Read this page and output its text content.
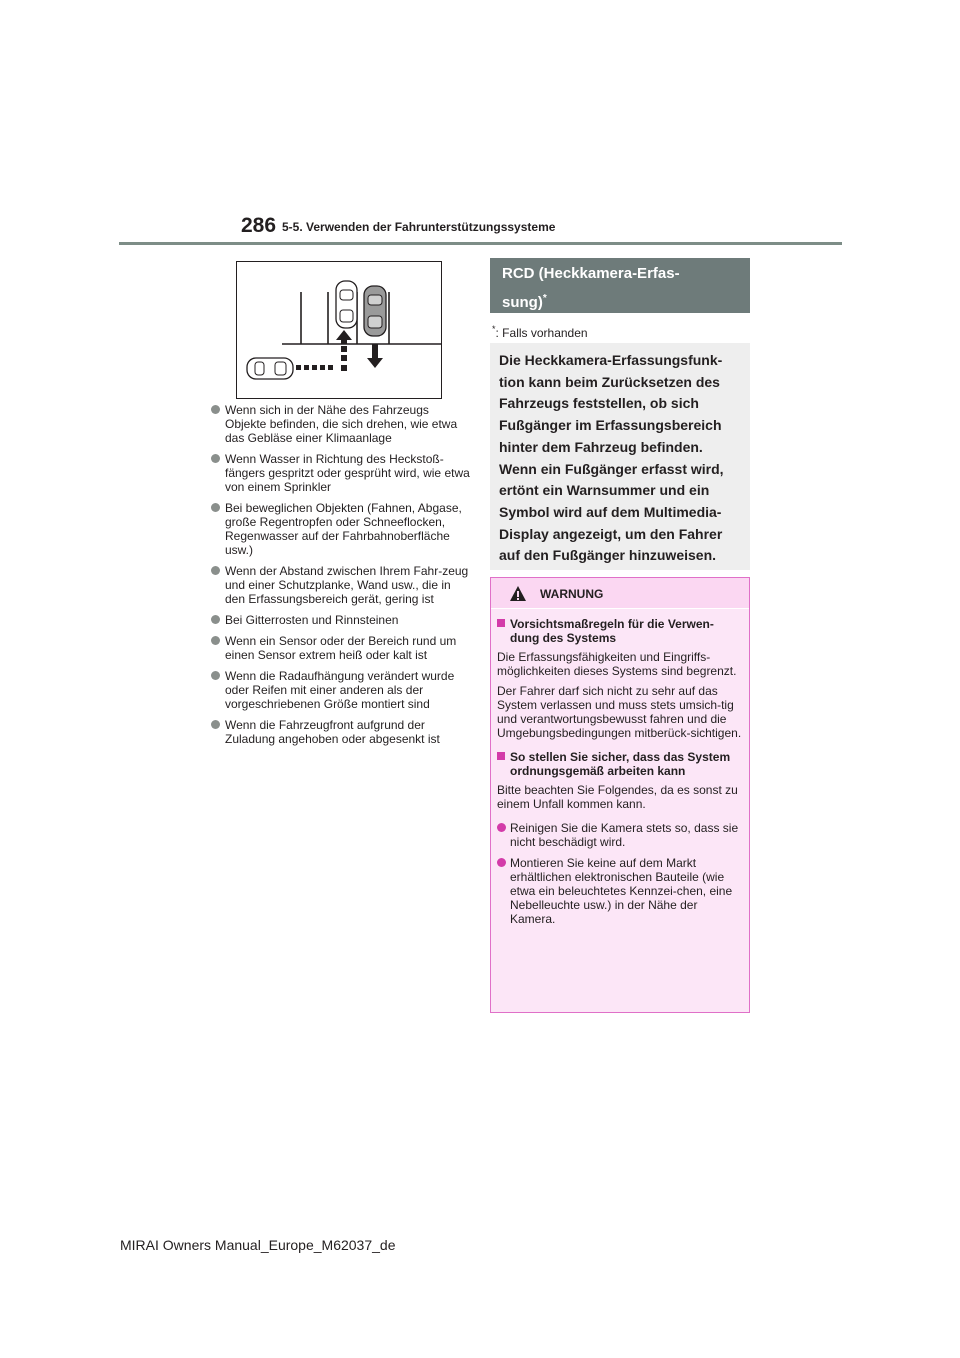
286 5-5. Verwenden der Fahrunterstützungssysteme
Wenn sich in der Nähe des Fahrzeugs Objekte befinden, die sich drehen, wie etwa das Gebläse einer Klimaanlage
Wenn Wasser in Richtung des Heckstoß-fängers gespritzt oder gesprüht wird, wie etwa von einem Sprinkler
Bei beweglichen Objekten (Fahnen, Abgase, große Regentropfen oder Schneeflocken, Regenwasser auf der Fahrbahnoberfläche usw.)
Wenn der Abstand zwischen Ihrem Fahr-zeug und einer Schutzplanke, Wand usw., die in den Erfassungsbereich gerät, gering ist
Bei Gitterrosten und Rinnsteinen
Wenn ein Sensor oder der Bereich rund um einen Sensor extrem heiß oder kalt ist
Wenn die Radaufhängung verändert wurde oder Reifen mit einer anderen als der vorgeschriebenen Größe montiert sind
Wenn die Fahrzeugfront aufgrund der Zuladung angehoben oder abgesenkt ist
RCD (Heckkamera-Erfas-
sung)*
*: Falls vorhanden
Die Heckkamera-Erfassungsfunk-tion kann beim Zurücksetzen des Fahrzeugs feststellen, ob sich Fußgänger im Erfassungsbereich hinter dem Fahrzeug befinden. Wenn ein Fußgänger erfasst wird, ertönt ein Warnsummer und ein Symbol wird auf dem Multimedia-Display angezeigt, um den Fahrer auf den Fußgänger hinzuweisen.
WARNUNG
Vorsichtsmaßregeln für die Verwen-dung des Systems
Die Erfassungsfähigkeiten und Eingriffs-möglichkeiten dieses Systems sind begrenzt.
Der Fahrer darf sich nicht zu sehr auf das System verlassen und muss stets umsich-tig und verantwortungsbewusst fahren und die Umgebungsbedingungen mitberück-sichtigen.
So stellen Sie sicher, dass das System ordnungsgemäß arbeiten kann
Bitte beachten Sie Folgendes, da es sonst zu einem Unfall kommen kann.
Reinigen Sie die Kamera stets so, dass sie nicht beschädigt wird.
Montieren Sie keine auf dem Markt erhältlichen elektronischen Bauteile (wie etwa ein beleuchtetes Kennzei-chen, eine Nebelleuchte usw.) in der Nähe der Kamera.
MIRAI Owners Manual_Europe_M62037_de
